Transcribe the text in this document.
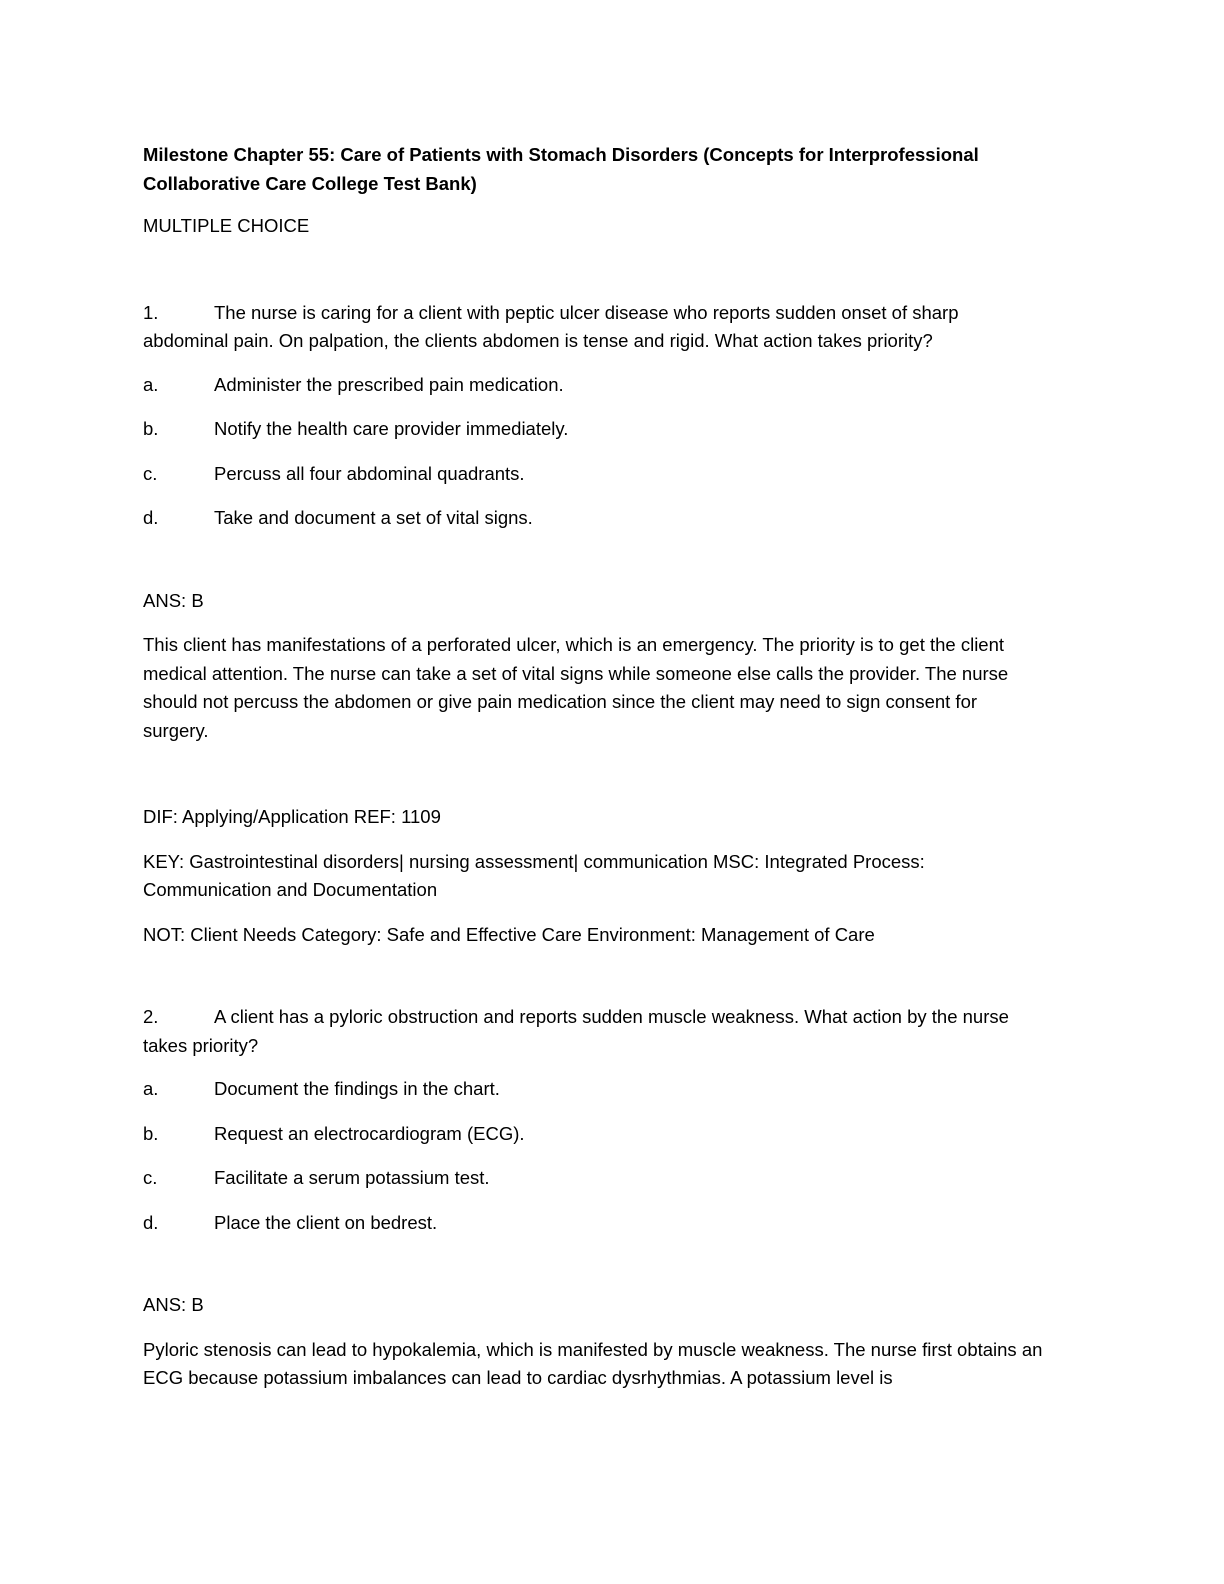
Milestone Chapter 55: Care of Patients with Stomach Disorders (Concepts for Interprofessional Collaborative Care College Test Bank)
MULTIPLE CHOICE
1.	The nurse is caring for a client with peptic ulcer disease who reports sudden onset of sharp abdominal pain. On palpation, the clients abdomen is tense and rigid. What action takes priority?
a.	Administer the prescribed pain medication.
b.	Notify the health care provider immediately.
c.	Percuss all four abdominal quadrants.
d.	Take and document a set of vital signs.
ANS: B
This client has manifestations of a perforated ulcer, which is an emergency. The priority is to get the client medical attention. The nurse can take a set of vital signs while someone else calls the provider. The nurse should not percuss the abdomen or give pain medication since the client may need to sign consent for surgery.
DIF: Applying/Application REF: 1109
KEY: Gastrointestinal disorders| nursing assessment| communication MSC: Integrated Process: Communication and Documentation
NOT: Client Needs Category: Safe and Effective Care Environment: Management of Care
2.	A client has a pyloric obstruction and reports sudden muscle weakness. What action by the nurse takes priority?
a.	Document the findings in the chart.
b.	Request an electrocardiogram (ECG).
c.	Facilitate a serum potassium test.
d.	Place the client on bedrest.
ANS: B
Pyloric stenosis can lead to hypokalemia, which is manifested by muscle weakness. The nurse first obtains an ECG because potassium imbalances can lead to cardiac dysrhythmias. A potassium level is
